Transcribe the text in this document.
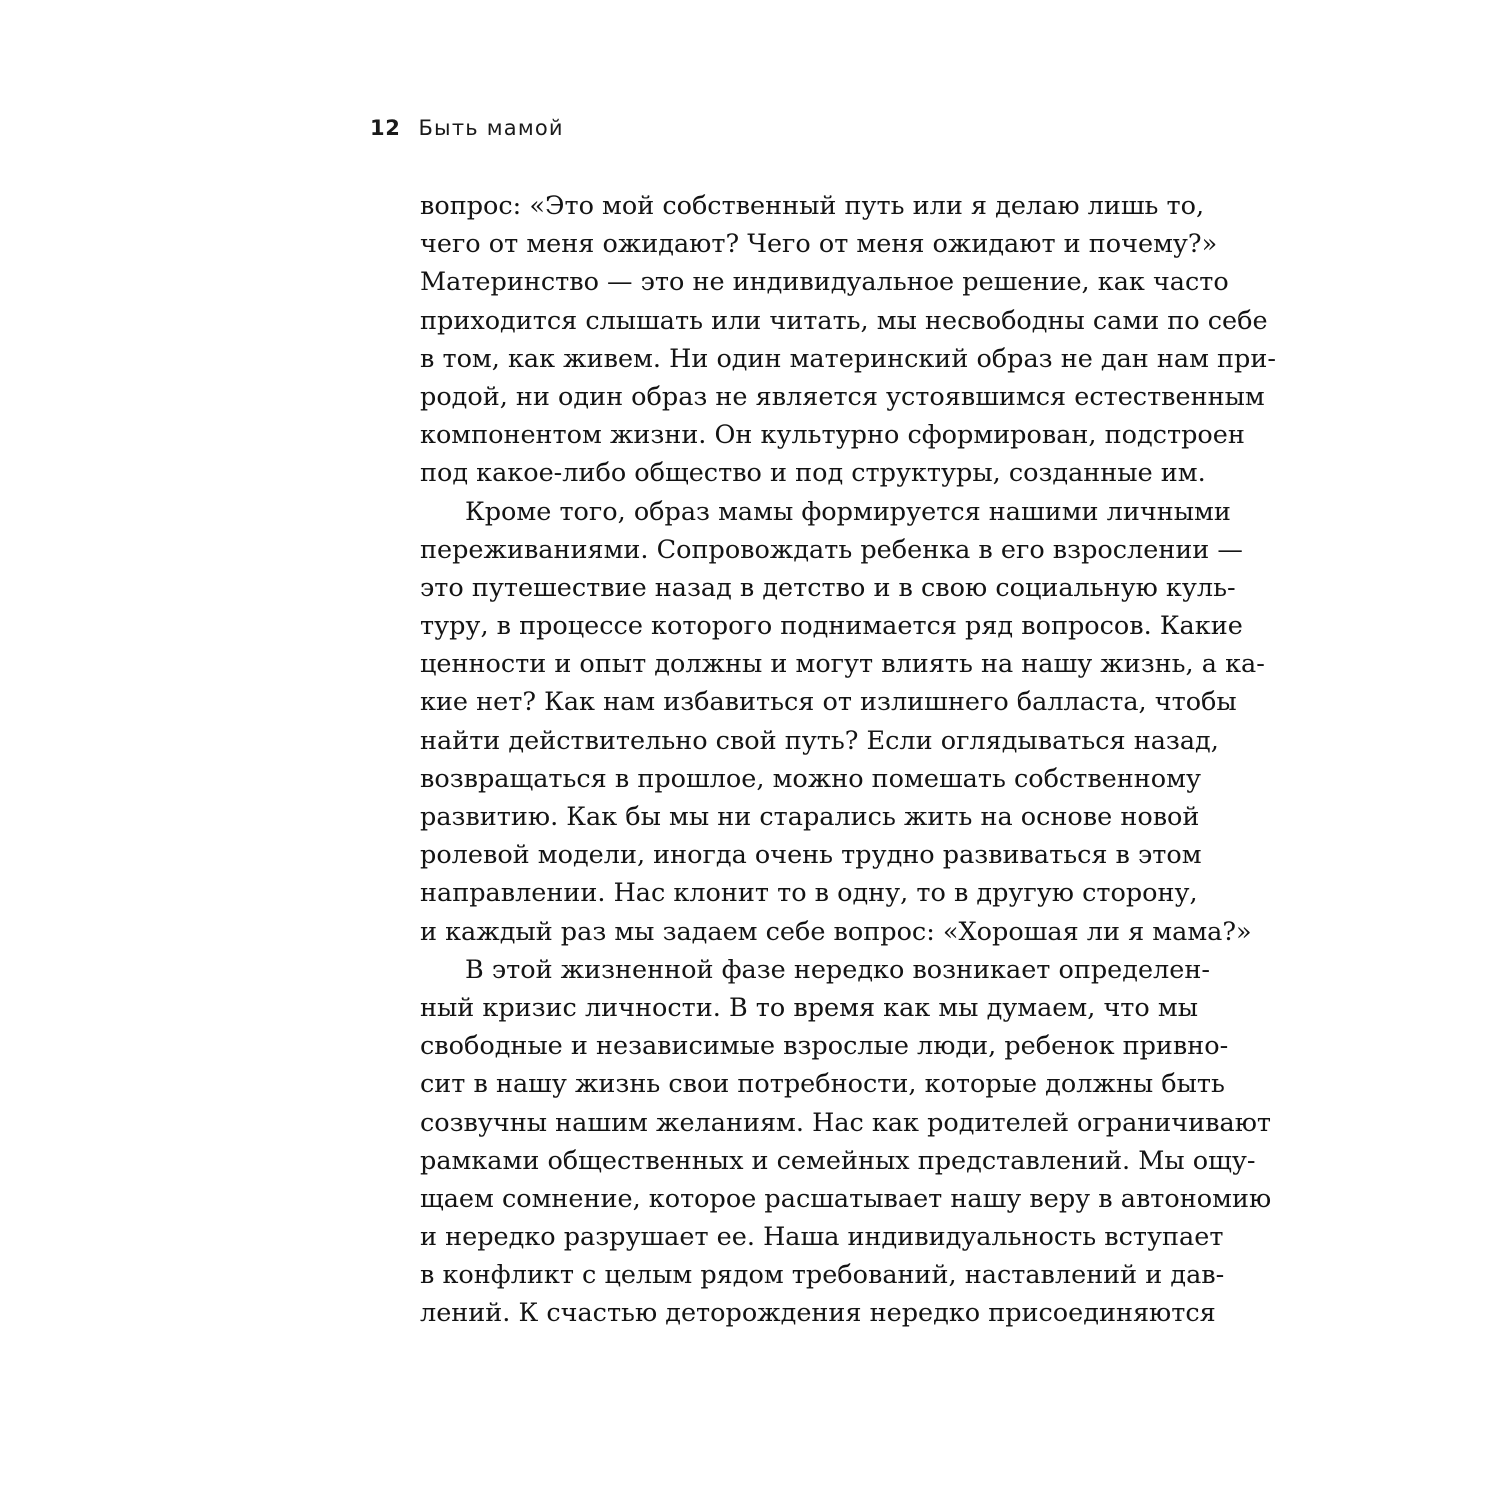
12 Быть мамой
вопрос: «Это мой собственный путь или я делаю лишь то,
чего от меня ожидают? Чего от меня ожидают и почему?»
Материнство — это не индивидуальное решение, как часто
приходится слышать или читать, мы несвободны сами по себе
в том, как живем. Ни один материнский образ не дан нам при-
родой, ни один образ не является устоявшимся естественным
компонентом жизни. Он культурно сформирован, подстроен
под какое-либо общество и под структуры, созданные им.
Кроме того, образ мамы формируется нашими личными
переживаниями. Сопровождать ребенка в его взрослении —
это путешествие назад в детство и в свою социальную куль-
туру, в процессе которого поднимается ряд вопросов. Какие
ценности и опыт должны и могут влиять на нашу жизнь, а ка-
кие нет? Как нам избавиться от излишнего балласта, чтобы
найти действительно свой путь? Если оглядываться назад,
возвращаться в прошлое, можно помешать собственному
развитию. Как бы мы ни старались жить на основе новой
ролевой модели, иногда очень трудно развиваться в этом
направлении. Нас клонит то в одну, то в другую сторону,
и каждый раз мы задаем себе вопрос: «Хорошая ли я мама?»
В этой жизненной фазе нередко возникает определен-
ный кризис личности. В то время как мы думаем, что мы
свободные и независимые взрослые люди, ребенок привно-
сит в нашу жизнь свои потребности, которые должны быть
созвучны нашим желаниям. Нас как родителей ограничивают
рамками общественных и семейных представлений. Мы ощу-
щаем сомнение, которое расшатывает нашу веру в автономию
и нередко разрушает ее. Наша индивидуальность вступает
в конфликт с целым рядом требований, наставлений и дав-
лений. К счастью деторождения нередко присоединяются
